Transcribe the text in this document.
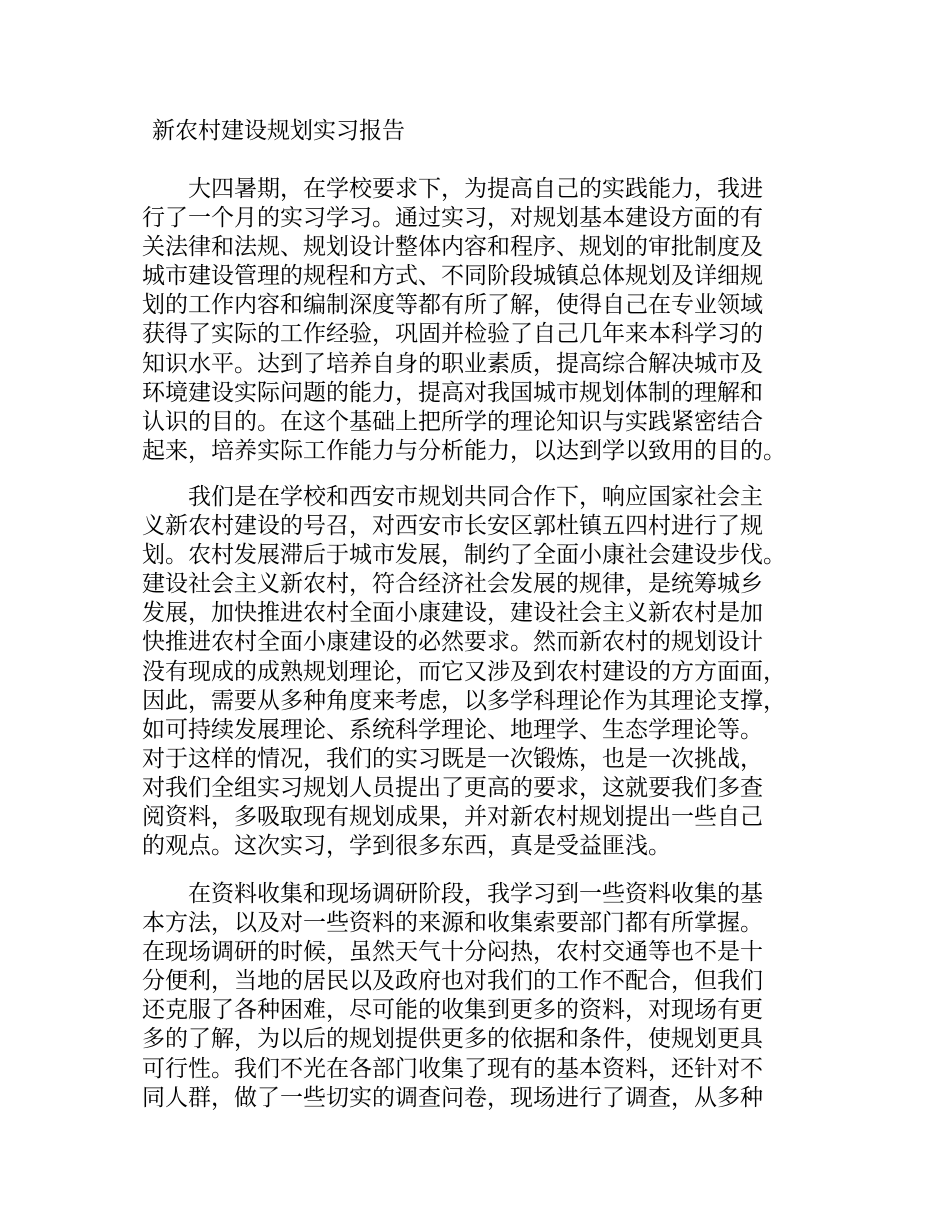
新农村建设规划实习报告
　　大四暑期，在学校要求下，为提高自己的实践能力，我进
行了一个月的实习学习。通过实习，对规划基本建设方面的有
关法律和法规、规划设计整体内容和程序、规划的审批制度及
城市建设管理的规程和方式、不同阶段城镇总体规划及详细规
划的工作内容和编制深度等都有所了解，使得自己在专业领域
获得了实际的工作经验，巩固并检验了自己几年来本科学习的
知识水平。达到了培养自身的职业素质，提高综合解决城市及
环境建设实际问题的能力，提高对我国城市规划体制的理解和
认识的目的。在这个基础上把所学的理论知识与实践紧密结合
起来，培养实际工作能力与分析能力，以达到学以致用的目的。
　　我们是在学校和西安市规划共同合作下，响应国家社会主
义新农村建设的号召，对西安市长安区郭杜镇五四村进行了规
划。农村发展滞后于城市发展，制约了全面小康社会建设步伐。
建设社会主义新农村，符合经济社会发展的规律，是统筹城乡
发展，加快推进农村全面小康建设，建设社会主义新农村是加
快推进农村全面小康建设的必然要求。然而新农村的规划设计
没有现成的成熟规划理论，而它又涉及到农村建设的方方面面，
因此，需要从多种角度来考虑，以多学科理论作为其理论支撑，
如可持续发展理论、系统科学理论、地理学、生态学理论等。
对于这样的情况，我们的实习既是一次锻炼，也是一次挑战，
对我们全组实习规划人员提出了更高的要求，这就要我们多查
阅资料，多吸取现有规划成果，并对新农村规划提出一些自己
的观点。这次实习，学到很多东西，真是受益匪浅。
　　在资料收集和现场调研阶段，我学习到一些资料收集的基
本方法，以及对一些资料的来源和收集索要部门都有所掌握。
在现场调研的时候，虽然天气十分闷热，农村交通等也不是十
分便利，当地的居民以及政府也对我们的工作不配合，但我们
还克服了各种困难，尽可能的收集到更多的资料，对现场有更
多的了解，为以后的规划提供更多的依据和条件，使规划更具
可行性。我们不光在各部门收集了现有的基本资料，还针对不
同人群，做了一些切实的调查问卷，现场进行了调查，从多种
